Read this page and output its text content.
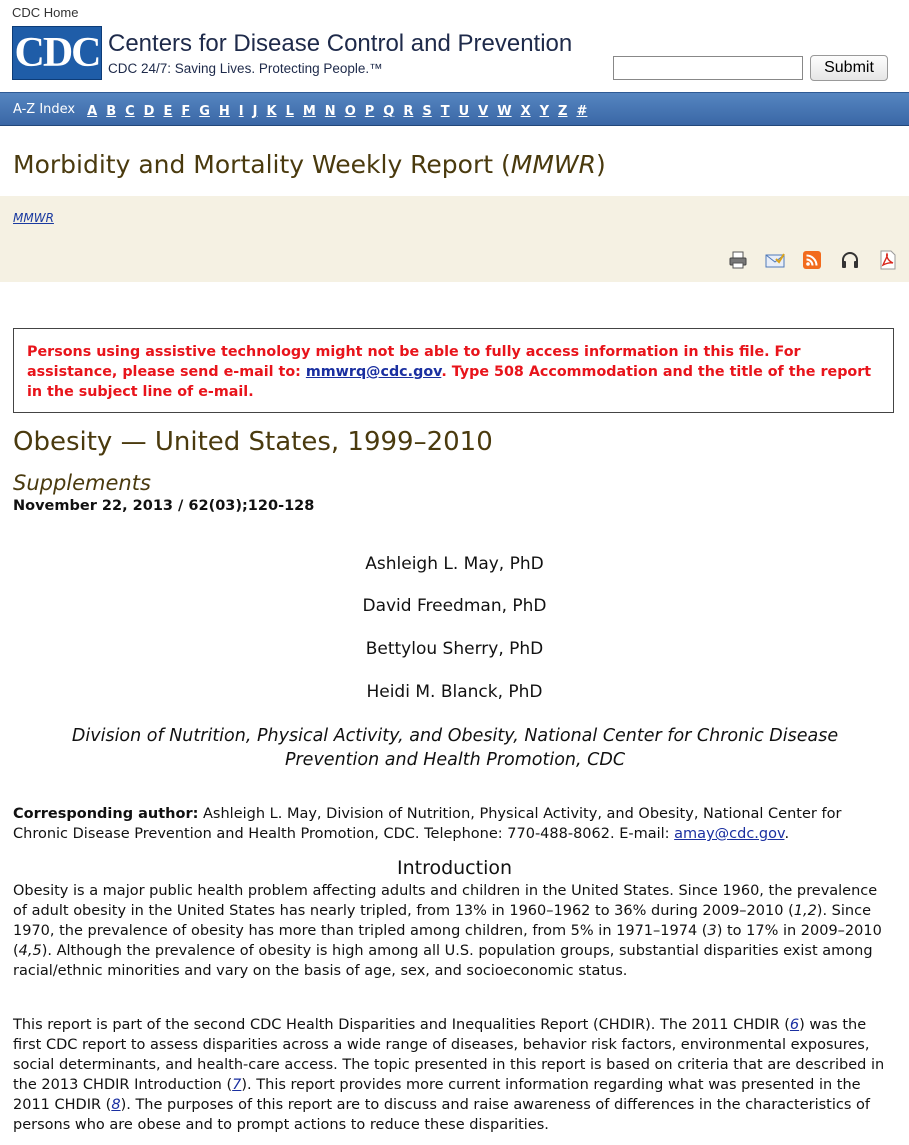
CDC Home
CDC Centers for Disease Control and Prevention
CDC 24/7: Saving Lives. Protecting People.™	Submit
A-Z Index A B C D E F G H I J K L M N O P Q R S T U V W X Y Z #
Morbidity and Mortality Weekly Report (MMWR)
MMWR
Persons using assistive technology might not be able to fully access information in this file. For assistance, please send e-mail to: mmwrq@cdc.gov. Type 508 Accommodation and the title of the report in the subject line of e-mail.
Obesity — United States, 1999–2010
Supplements
November 22, 2013 / 62(03);120-128
Ashleigh L. May, PhD
David Freedman, PhD
Bettylou Sherry, PhD
Heidi M. Blanck, PhD
Division of Nutrition, Physical Activity, and Obesity, National Center for Chronic Disease Prevention and Health Promotion, CDC
Corresponding author: Ashleigh L. May, Division of Nutrition, Physical Activity, and Obesity, National Center for Chronic Disease Prevention and Health Promotion, CDC. Telephone: 770-488-8062. E-mail: amay@cdc.gov.
Introduction
Obesity is a major public health problem affecting adults and children in the United States. Since 1960, the prevalence of adult obesity in the United States has nearly tripled, from 13% in 1960–1962 to 36% during 2009–2010 (1,2). Since 1970, the prevalence of obesity has more than tripled among children, from 5% in 1971–1974 (3) to 17% in 2009–2010 (4,5). Although the prevalence of obesity is high among all U.S. population groups, substantial disparities exist among racial/ethnic minorities and vary on the basis of age, sex, and socioeconomic status.
This report is part of the second CDC Health Disparities and Inequalities Report (CHDIR). The 2011 CHDIR (6) was the first CDC report to assess disparities across a wide range of diseases, behavior risk factors, environmental exposures, social determinants, and health-care access. The topic presented in this report is based on criteria that are described in the 2013 CHDIR Introduction (7). This report provides more current information regarding what was presented in the 2011 CHDIR (8). The purposes of this report are to discuss and raise awareness of differences in the characteristics of persons who are obese and to prompt actions to reduce these disparities.
